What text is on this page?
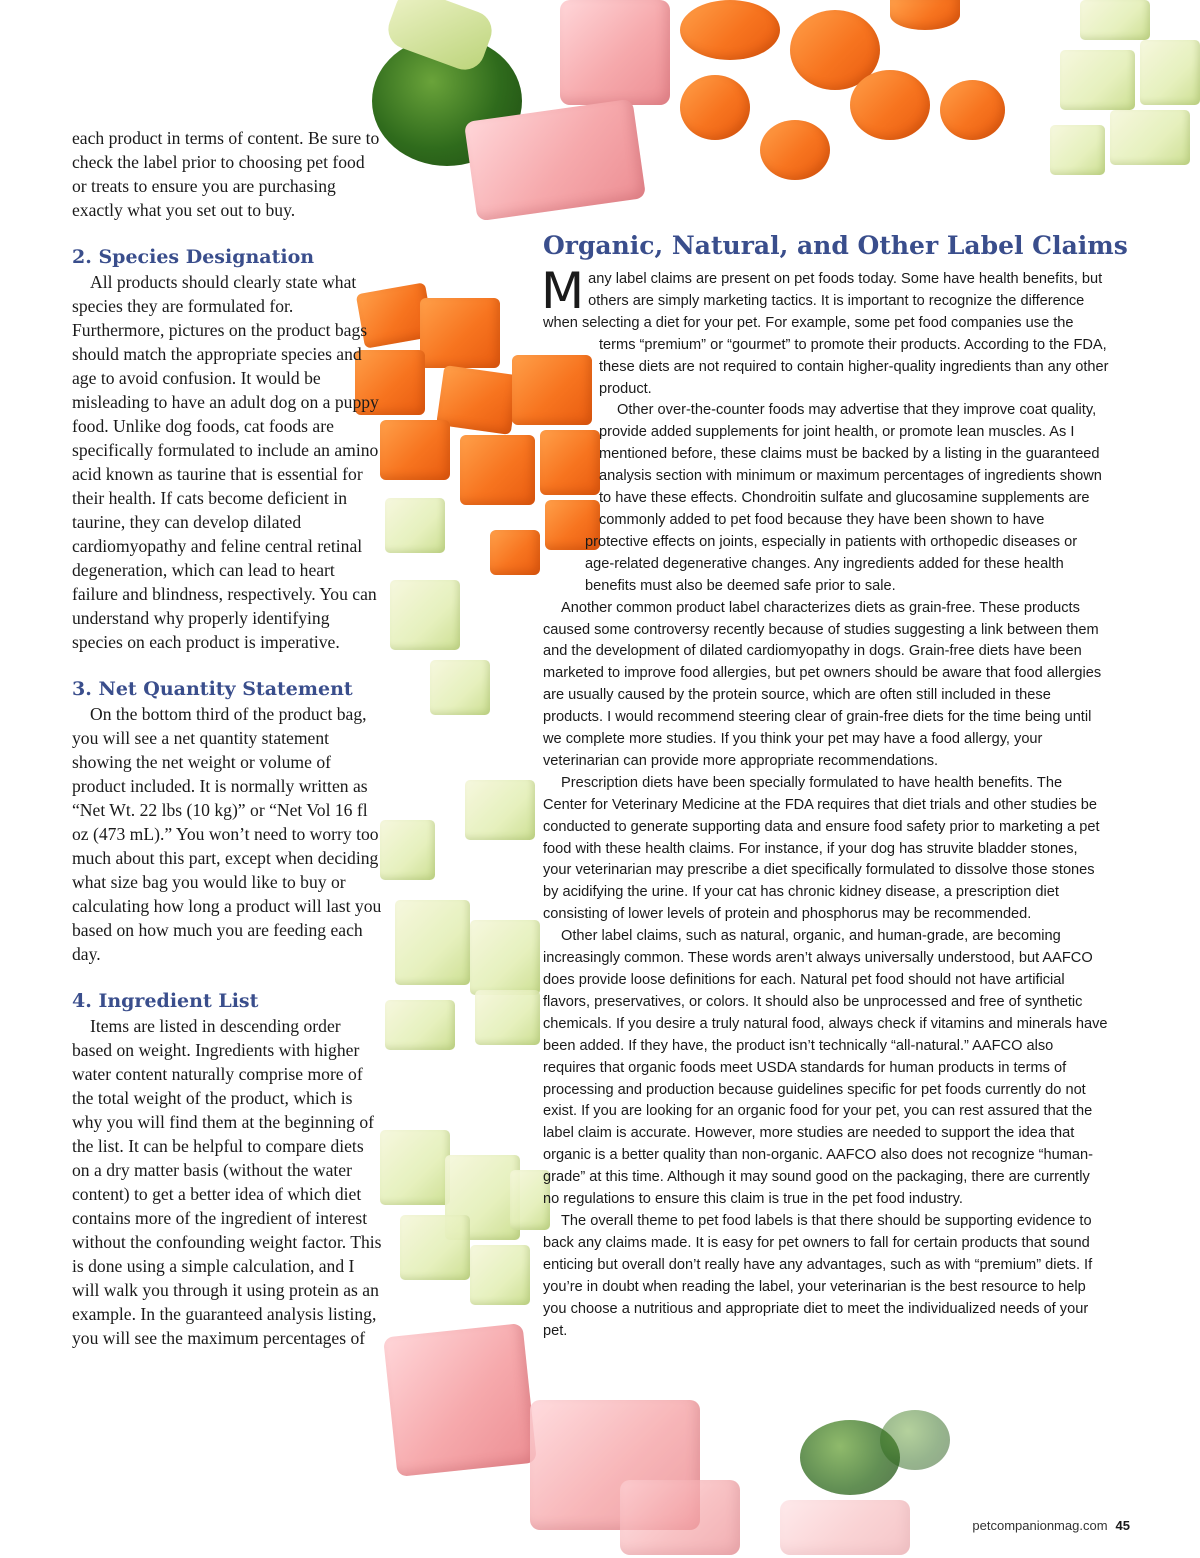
each product in terms of content. Be sure to check the label prior to choosing pet food or treats to ensure you are purchasing exactly what you set out to buy.

2. Species Designation

All products should clearly state what species they are formulated for. Furthermore, pictures on the product bags should match the appropriate species and age to avoid confusion. It would be misleading to have an adult dog on a puppy food. Unlike dog foods, cat foods are specifically formulated to include an amino acid known as taurine that is essential for their health. If cats become deficient in taurine, they can develop dilated cardiomyopathy and feline central retinal degeneration, which can lead to heart failure and blindness, respectively. You can understand why properly identifying species on each product is imperative.

3. Net Quantity Statement

On the bottom third of the product bag, you will see a net quantity statement showing the net weight or volume of product included. It is normally written as “Net Wt. 22 lbs (10 kg)” or “Net Vol 16 fl oz (473 mL).” You won’t need to worry too much about this part, except when deciding what size bag you would like to buy or calculating how long a product will last you based on how much you are feeding each day.

4. Ingredient List

Items are listed in descending order based on weight. Ingredients with higher water content naturally comprise more of the total weight of the product, which is why you will find them at the beginning of the list. It can be helpful to compare diets on a dry matter basis (without the water content) to get a better idea of which diet contains more of the ingredient of interest without the confounding weight factor. This is done using a simple calculation, and I will walk you through it using protein as an example. In the guaranteed analysis listing, you will see the maximum percentages of

Organic, Natural, and Other Label Claims
M any label claims are present on pet foods today. Some have health benefits, but others are simply marketing tactics. It is important to recognize the difference when selecting a diet for your pet. For example, some pet food companies use the terms “premium” or “gourmet” to promote their products. According to the FDA, these diets are not required to contain higher-quality ingredients than any other product.

Other over-the-counter foods may advertise that they improve coat quality, provide added supplements for joint health, or promote lean muscles. As I mentioned before, these claims must be backed by a listing in the guaranteed analysis section with minimum or maximum percentages of ingredients shown to have these effects. Chondroitin sulfate and glucosamine supplements are commonly added to pet food because they have been shown to have protective effects on joints, especially in patients with orthopedic diseases or age-related degenerative changes. Any ingredients added for these health benefits must also be deemed safe prior to sale.

Another common product label characterizes diets as grain-free. These products caused some controversy recently because of studies suggesting a link between them and the development of dilated cardiomyopathy in dogs. Grain-free diets have been marketed to improve food allergies, but pet owners should be aware that food allergies are usually caused by the protein source, which are often still included in these products. I would recommend steering clear of grain-free diets for the time being until we complete more studies. If you think your pet may have a food allergy, your veterinarian can provide more appropriate recommendations.

Prescription diets have been specially formulated to have health benefits. The Center for Veterinary Medicine at the FDA requires that diet trials and other studies be conducted to generate supporting data and ensure food safety prior to marketing a pet food with these health claims. For instance, if your dog has struvite bladder stones, your veterinarian may prescribe a diet specifically formulated to dissolve those stones by acidifying the urine. If your cat has chronic kidney disease, a prescription diet consisting of lower levels of protein and phosphorus may be recommended.

Other label claims, such as natural, organic, and human-grade, are becoming increasingly common. These words aren’t always universally understood, but AAFCO does provide loose definitions for each. Natural pet food should not have artificial flavors, preservatives, or colors. It should also be unprocessed and free of synthetic chemicals. If you desire a truly natural food, always check if vitamins and minerals have been added. If they have, the product isn’t technically “all-natural.” AAFCO also requires that organic foods meet USDA standards for human products in terms of processing and production because guidelines specific for pet foods currently do not exist. If you are looking for an organic food for your pet, you can rest assured that the label claim is accurate. However, more studies are needed to support the idea that organic is a better quality than non-organic. AAFCO also does not recognize “human-grade” at this time. Although it may sound good on the packaging, there are currently no regulations to ensure this claim is true in the pet food industry.

The overall theme to pet food labels is that there should be supporting evidence to back any claims made. It is easy for pet owners to fall for certain products that sound enticing but overall don’t really have any advantages, such as with “premium” diets. If you’re in doubt when reading the label, your veterinarian is the best resource to help you choose a nutritious and appropriate diet to meet the individualized needs of your pet.

petcompanionmag.com 45
